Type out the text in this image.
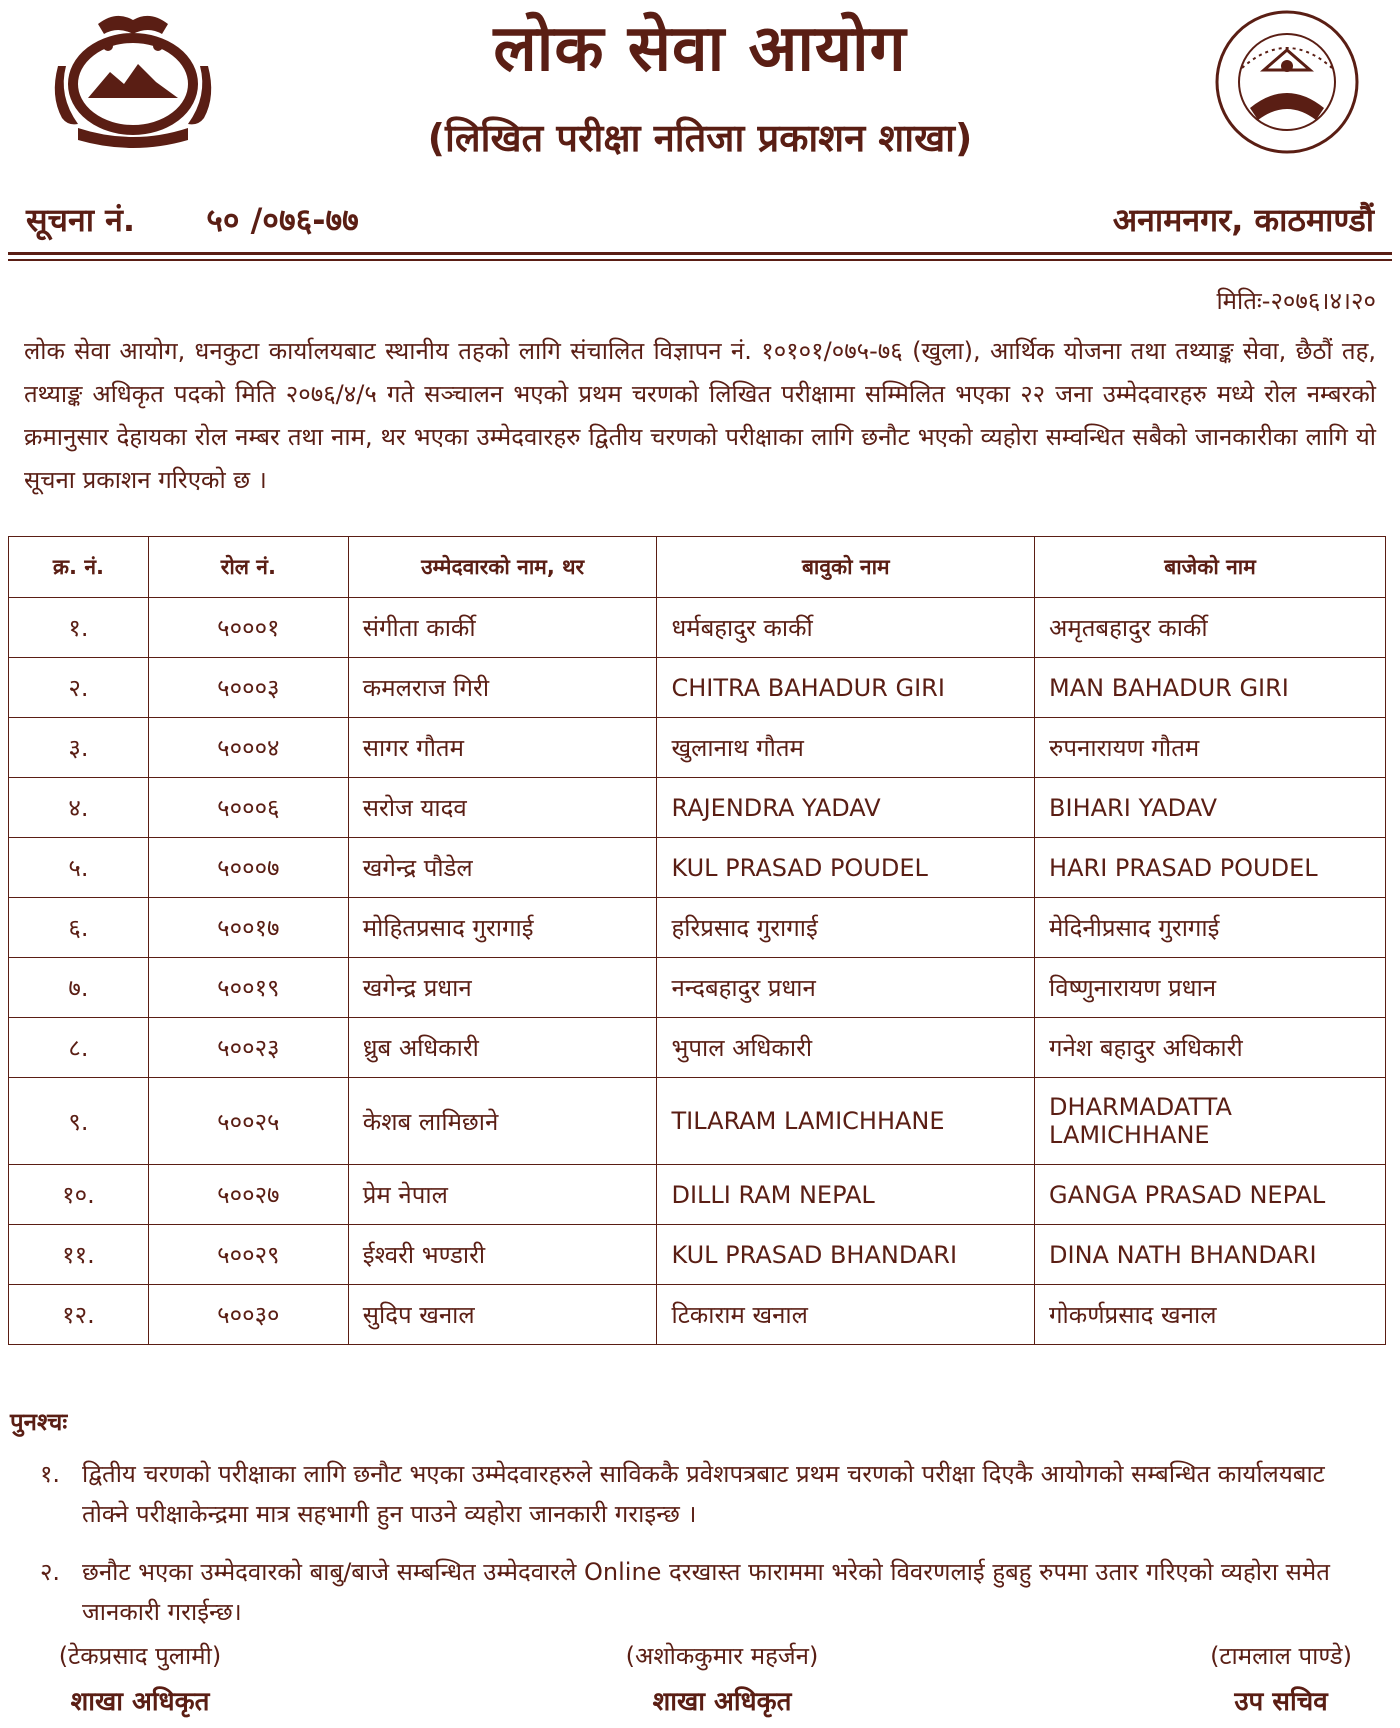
लोक सेवा आयोग
(लिखित परीक्षा नतिजा प्रकाशन शाखा)
सूचना नं. ५० /०७६-७७	अनामनगर, काठमाण्डौं
मितिः-२०७६।४।२०
लोक सेवा आयोग, धनकुटा कार्यालयबाट स्थानीय तहको लागि संचालित विज्ञापन नं. १०१०१/०७५-७६ (खुला), आर्थिक योजना तथा तथ्याङ्क सेवा, छैठौं तह, तथ्याङ्क अधिकृत पदको मिति २०७६/४/५ गते सञ्चालन भएको प्रथम चरणको लिखित परीक्षामा सम्मिलित भएका २२ जना उम्मेदवारहरु मध्ये रोल नम्बरको क्रमानुसार देहायका रोल नम्बर तथा नाम, थर भएका उम्मेदवारहरु द्वितीय चरणको परीक्षाका लागि छनौट भएको व्यहोरा सम्वन्धित सबैको जानकारीका लागि यो सूचना प्रकाशन गरिएको छ ।
क्र. नं.	रोल नं.	उम्मेदवारको नाम, थर	बावुको नाम	बाजेको नाम
१.	५०००१	संगीता कार्की	धर्मबहादुर कार्की	अमृतबहादुर कार्की
२.	५०००३	कमलराज गिरी	CHITRA BAHADUR GIRI	MAN BAHADUR GIRI
३.	५०००४	सागर गौतम	खुलानाथ गौतम	रुपनारायण गौतम
४.	५०००६	सरोज यादव	RAJENDRA YADAV	BIHARI YADAV
५.	५०००७	खगेन्द्र पौडेल	KUL PRASAD POUDEL	HARI PRASAD POUDEL
६.	५००१७	मोहितप्रसाद गुरागाई	हरिप्रसाद गुरागाई	मेदिनीप्रसाद गुरागाई
७.	५००१९	खगेन्द्र प्रधान	नन्दबहादुर प्रधान	विष्णुनारायण प्रधान
८.	५००२३	ध्रुब अधिकारी	भुपाल अधिकारी	गनेश बहादुर अधिकारी
९.	५००२५	केशब लामिछाने	TILARAM LAMICHHANE	DHARMADATTA LAMICHHANE
१०.	५००२७	प्रेम नेपाल	DILLI RAM NEPAL	GANGA PRASAD NEPAL
११.	५००२९	ईश्वरी भण्डारी	KUL PRASAD BHANDARI	DINA NATH BHANDARI
१२.	५००३०	सुदिप खनाल	टिकाराम खनाल	गोकर्णप्रसाद खनाल
पुनश्चः
१. द्वितीय चरणको परीक्षाका लागि छनौट भएका उम्मेदवारहरुले साविककै प्रवेशपत्रबाट प्रथम चरणको परीक्षा दिएकै आयोगको सम्बन्धित कार्यालयबाट तोक्ने परीक्षाकेन्द्रमा मात्र सहभागी हुन पाउने व्यहोरा जानकारी गराइन्छ ।
२. छनौट भएका उम्मेदवारको बाबु/बाजे सम्बन्धित उम्मेदवारले Online दरखास्त फाराममा भरेको विवरणलाई हुबहु रुपमा उतार गरिएको व्यहोरा समेत जानकारी गराईन्छ।
(टेकप्रसाद पुलामी)
शाखा अधिकृत
(अशोककुमार महर्जन)
शाखा अधिकृत
(टामलाल पाण्डे)
उप सचिव
